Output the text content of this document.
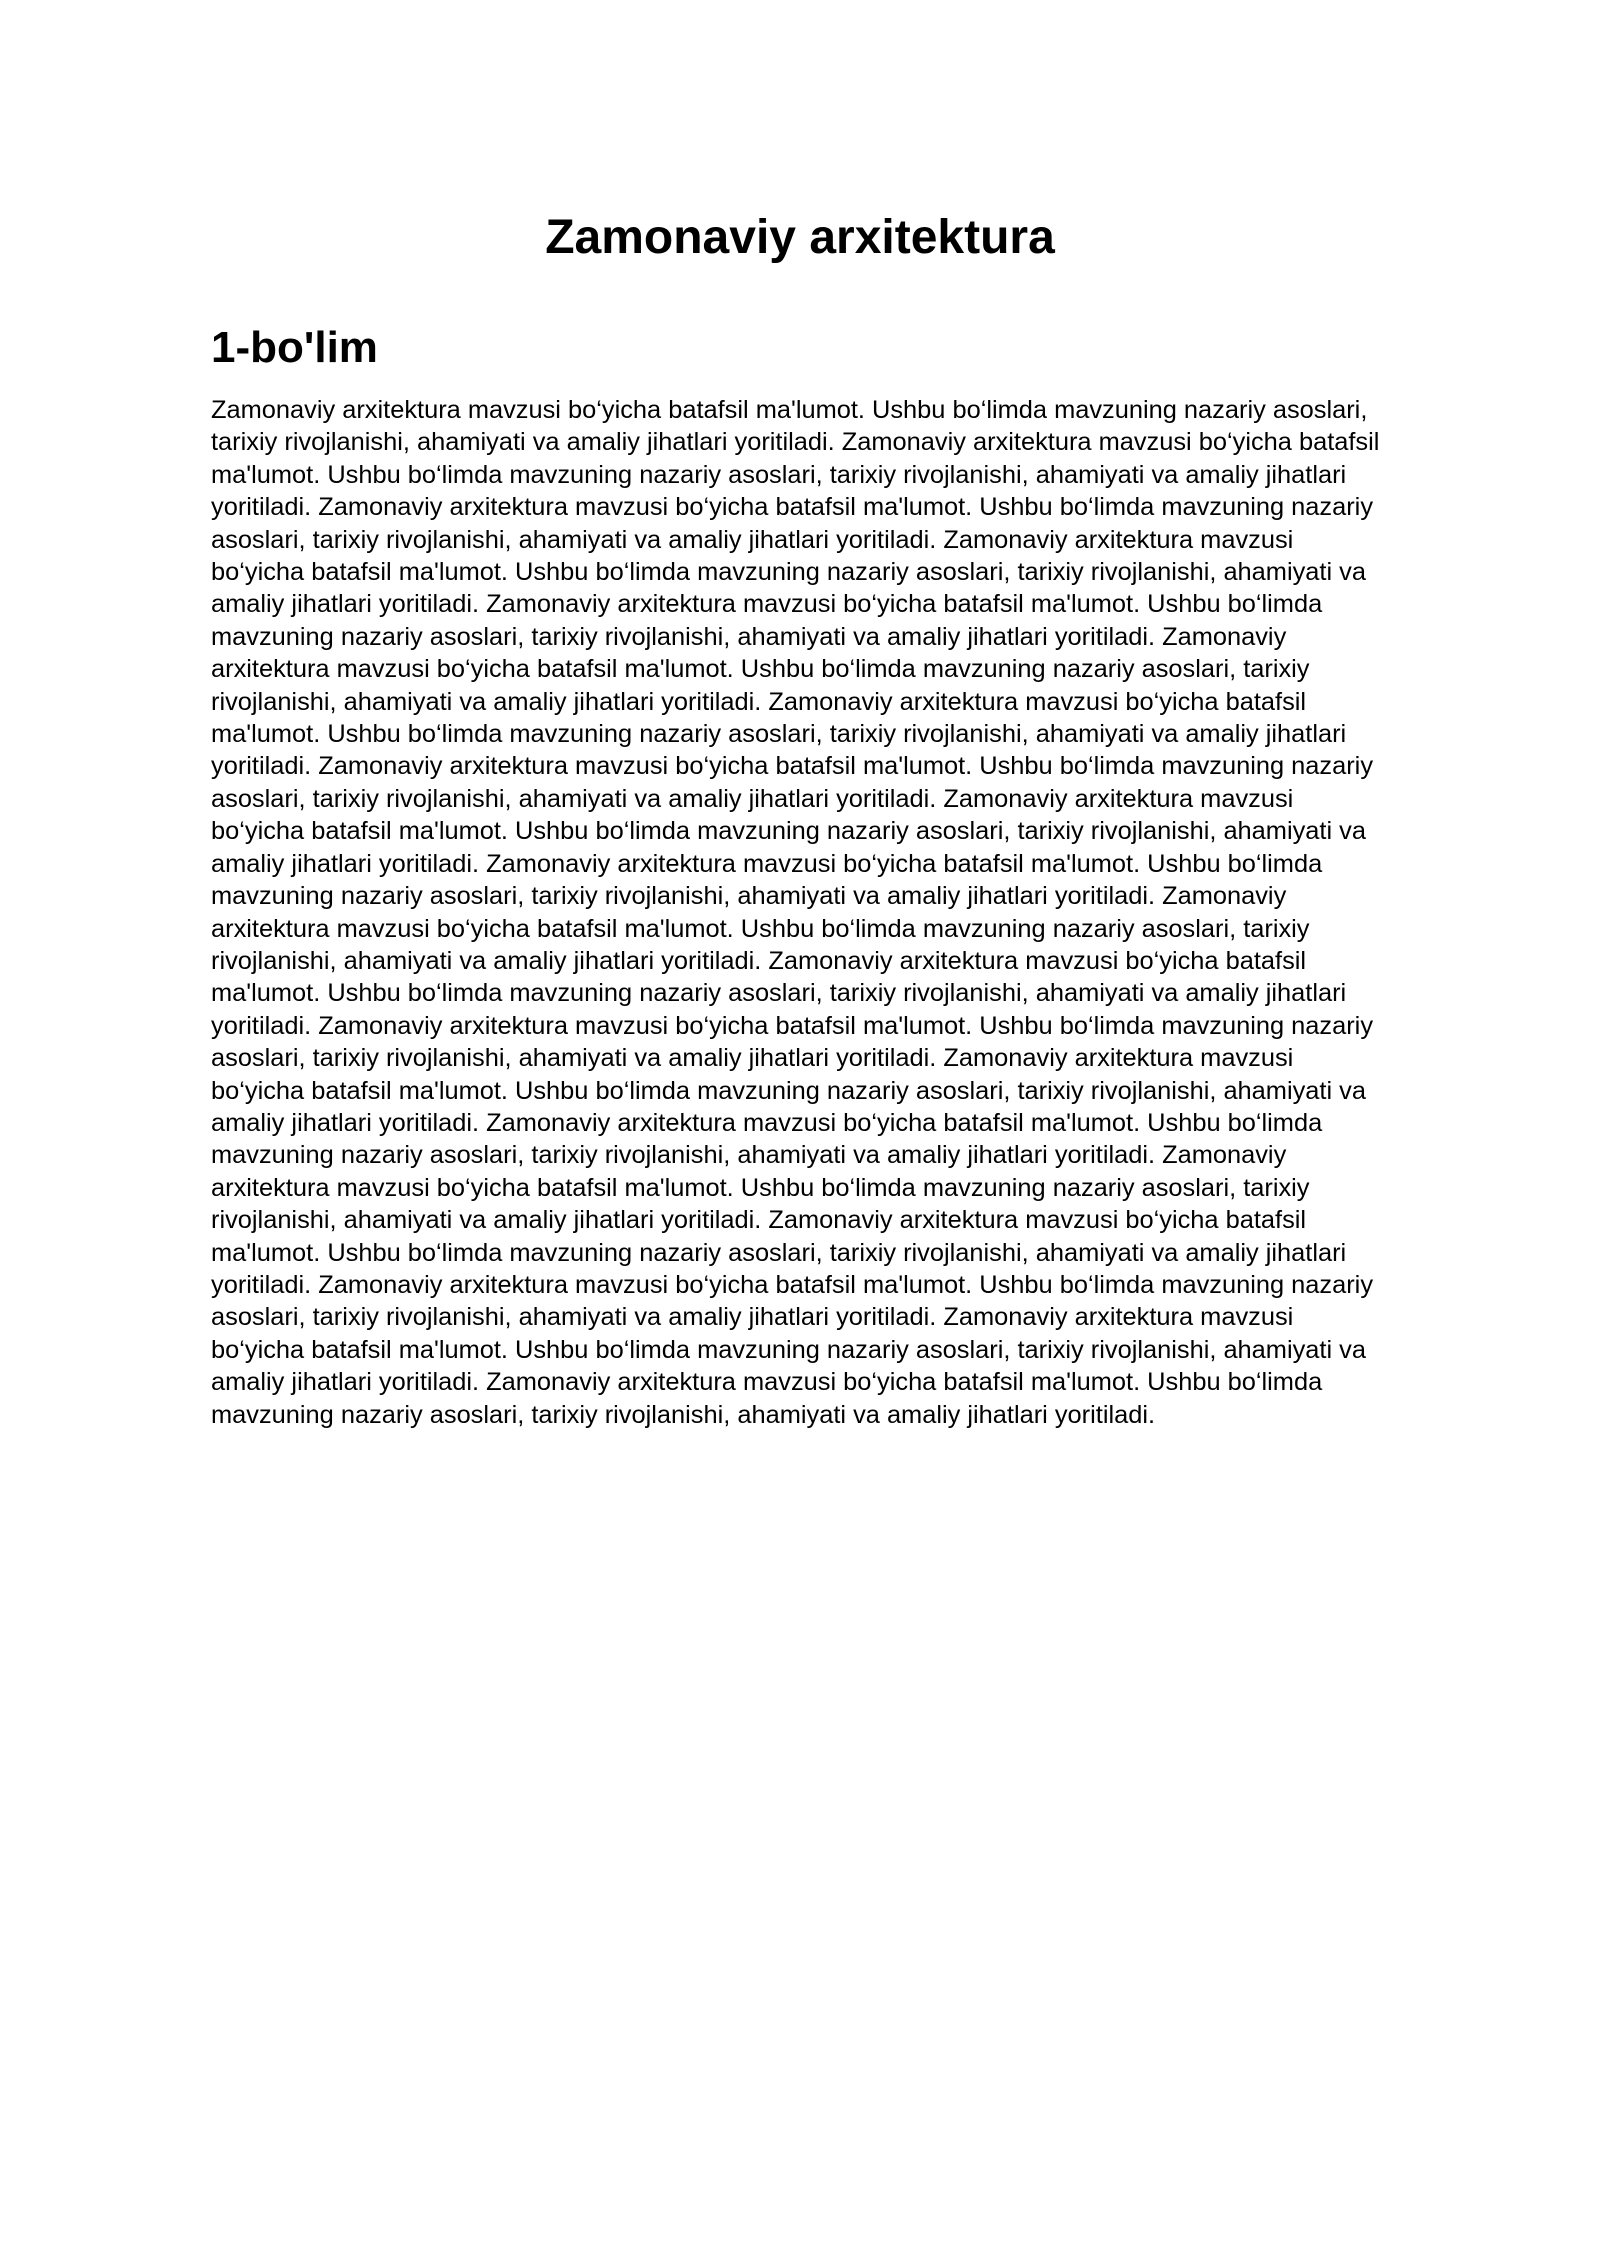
Zamonaviy arxitektura
1-bo'lim

Zamonaviy arxitektura mavzusi bo‘yicha batafsil ma'lumot. Ushbu bo‘limda mavzuning nazariy asoslari, tarixiy rivojlanishi, ahamiyati va amaliy jihatlari yoritiladi. Zamonaviy arxitektura mavzusi bo‘yicha batafsil ma'lumot. Ushbu bo‘limda mavzuning nazariy asoslari, tarixiy rivojlanishi, ahamiyati va amaliy jihatlari yoritiladi. Zamonaviy arxitektura mavzusi bo‘yicha batafsil ma'lumot. Ushbu bo‘limda mavzuning nazariy asoslari, tarixiy rivojlanishi, ahamiyati va amaliy jihatlari yoritiladi. Zamonaviy arxitektura mavzusi bo‘yicha batafsil ma'lumot. Ushbu bo‘limda mavzuning nazariy asoslari, tarixiy rivojlanishi, ahamiyati va amaliy jihatlari yoritiladi. Zamonaviy arxitektura mavzusi bo‘yicha batafsil ma'lumot. Ushbu bo‘limda mavzuning nazariy asoslari, tarixiy rivojlanishi, ahamiyati va amaliy jihatlari yoritiladi. Zamonaviy arxitektura mavzusi bo‘yicha batafsil ma'lumot. Ushbu bo‘limda mavzuning nazariy asoslari, tarixiy rivojlanishi, ahamiyati va amaliy jihatlari yoritiladi. Zamonaviy arxitektura mavzusi bo‘yicha batafsil ma'lumot. Ushbu bo‘limda mavzuning nazariy asoslari, tarixiy rivojlanishi, ahamiyati va amaliy jihatlari yoritiladi. Zamonaviy arxitektura mavzusi bo‘yicha batafsil ma'lumot. Ushbu bo‘limda mavzuning nazariy asoslari, tarixiy rivojlanishi, ahamiyati va amaliy jihatlari yoritiladi. Zamonaviy arxitektura mavzusi bo‘yicha batafsil ma'lumot. Ushbu bo‘limda mavzuning nazariy asoslari, tarixiy rivojlanishi, ahamiyati va amaliy jihatlari yoritiladi. Zamonaviy arxitektura mavzusi bo‘yicha batafsil ma'lumot. Ushbu bo‘limda mavzuning nazariy asoslari, tarixiy rivojlanishi, ahamiyati va amaliy jihatlari yoritiladi. Zamonaviy arxitektura mavzusi bo‘yicha batafsil ma'lumot. Ushbu bo‘limda mavzuning nazariy asoslari, tarixiy rivojlanishi, ahamiyati va amaliy jihatlari yoritiladi. Zamonaviy arxitektura mavzusi bo‘yicha batafsil ma'lumot. Ushbu bo‘limda mavzuning nazariy asoslari, tarixiy rivojlanishi, ahamiyati va amaliy jihatlari yoritiladi. Zamonaviy arxitektura mavzusi bo‘yicha batafsil ma'lumot. Ushbu bo‘limda mavzuning nazariy asoslari, tarixiy rivojlanishi, ahamiyati va amaliy jihatlari yoritiladi. Zamonaviy arxitektura mavzusi bo‘yicha batafsil ma'lumot. Ushbu bo‘limda mavzuning nazariy asoslari, tarixiy rivojlanishi, ahamiyati va amaliy jihatlari yoritiladi. Zamonaviy arxitektura mavzusi bo‘yicha batafsil ma'lumot. Ushbu bo‘limda mavzuning nazariy asoslari, tarixiy rivojlanishi, ahamiyati va amaliy jihatlari yoritiladi. Zamonaviy arxitektura mavzusi bo‘yicha batafsil ma'lumot. Ushbu bo‘limda mavzuning nazariy asoslari, tarixiy rivojlanishi, ahamiyati va amaliy jihatlari yoritiladi. Zamonaviy arxitektura mavzusi bo‘yicha batafsil ma'lumot. Ushbu bo‘limda mavzuning nazariy asoslari, tarixiy rivojlanishi, ahamiyati va amaliy jihatlari yoritiladi. Zamonaviy arxitektura mavzusi bo‘yicha batafsil ma'lumot. Ushbu bo‘limda mavzuning nazariy asoslari, tarixiy rivojlanishi, ahamiyati va amaliy jihatlari yoritiladi. Zamonaviy arxitektura mavzusi bo‘yicha batafsil ma'lumot. Ushbu bo‘limda mavzuning nazariy asoslari, tarixiy rivojlanishi, ahamiyati va amaliy jihatlari yoritiladi. Zamonaviy arxitektura mavzusi bo‘yicha batafsil ma'lumot. Ushbu bo‘limda mavzuning nazariy asoslari, tarixiy rivojlanishi, ahamiyati va amaliy jihatlari yoritiladi.
